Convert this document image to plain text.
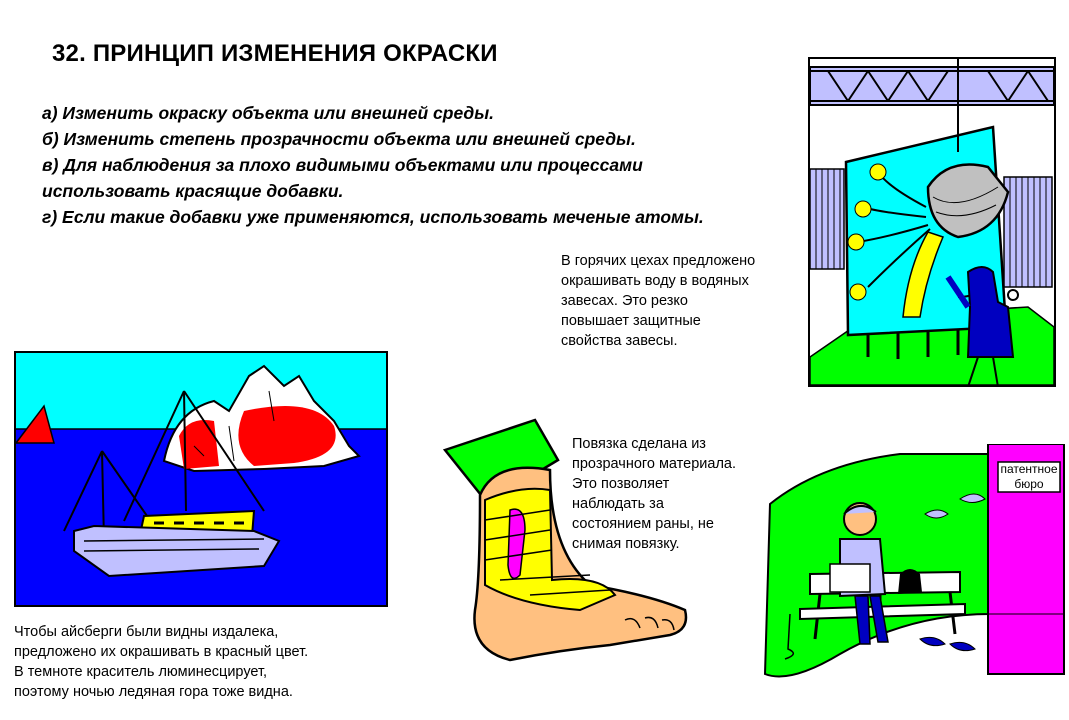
32. ПРИНЦИП ИЗМЕНЕНИЯ ОКРАСКИ
а) Изменить окраску объекта или внешней среды.
б) Изменить степень прозрачности объекта или внешней среды.
в) Для наблюдения за плохо видимыми объектами или процессами
использовать красящие добавки.
г) Если такие добавки уже применяются, использовать меченые атомы.
В горячих цехах предложено
окрашивать воду в водяных
завесах. Это резко
повышает защитные
свойства завесы.
Чтобы айсберги были видны издалека,
предложено их окрашивать в красный цвет.
В темноте краситель люминесцирует,
поэтому ночью ледяная гора тоже видна.
Повязка сделана из
прозрачного материала.
Это позволяет
наблюдать за
состоянием раны, не
снимая повязку.
патентное
бюро
